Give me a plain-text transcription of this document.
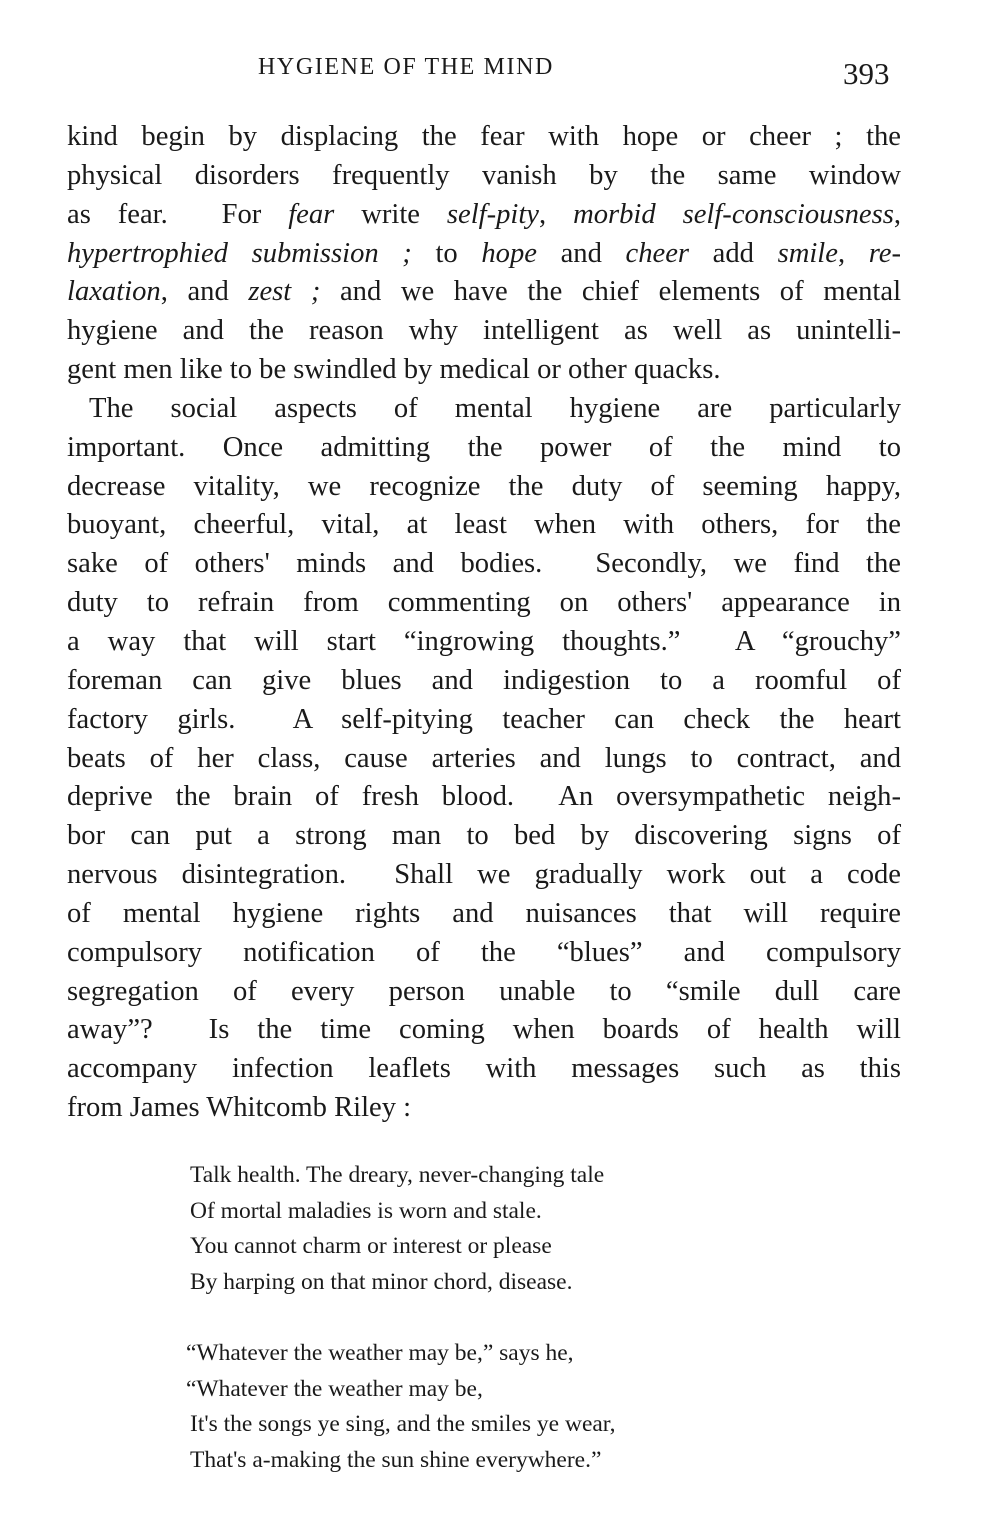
HYGIENE OF THE MIND	393
kind begin by displacing the fear with hope or cheer ; the
physical disorders frequently vanish by the same window
as fear.  For fear write self-pity, morbid self-consciousness,
hypertrophied submission ; to hope and cheer add smile, re-
laxation, and zest ; and we have the chief elements of mental
hygiene and the reason why intelligent as well as unintelli-
gent men like to be swindled by medical or other quacks.
The social aspects of mental hygiene are particularly
important. Once admitting the power of the mind to
decrease vitality, we recognize the duty of seeming happy,
buoyant, cheerful, vital, at least when with others, for the
sake of others' minds and bodies.  Secondly, we find the
duty to refrain from commenting on others' appearance in
a way that will start “ingrowing thoughts.”  A “grouchy”
foreman can give blues and indigestion to a roomful of
factory girls.  A self-pitying teacher can check the heart
beats of her class, cause arteries and lungs to contract, and
deprive the brain of fresh blood.  An oversympathetic neigh-
bor can put a strong man to bed by discovering signs of
nervous disintegration.  Shall we gradually work out a code
of mental hygiene rights and nuisances that will require
compulsory notification of the “blues” and compulsory
segregation of every person unable to “smile dull care
away”?  Is the time coming when boards of health will
accompany infection leaflets with messages such as this
from James Whitcomb Riley :
Talk health. The dreary, never-changing tale
Of mortal maladies is worn and stale.
You cannot charm or interest or please
By harping on that minor chord, disease.
“Whatever the weather may be,” says he,
“Whatever the weather may be,
It's the songs ye sing, and the smiles ye wear,
That's a-making the sun shine everywhere.”
